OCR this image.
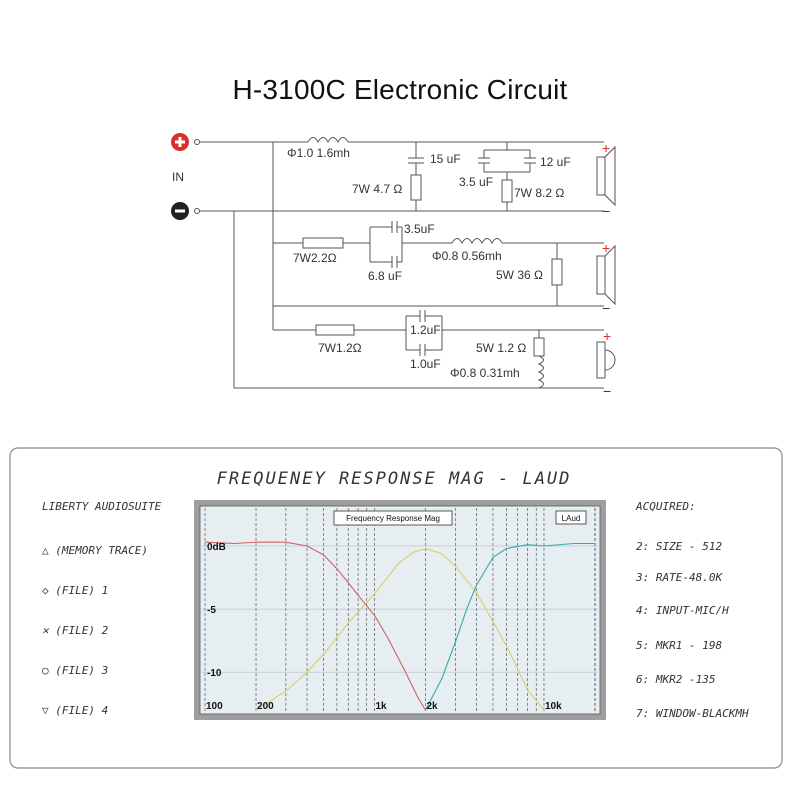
H-3100C Electronic Circuit
IN
+
−
+
−
+
−
Φ1.0 1.6mh	15 uF
7W 4.7 Ω
12 uF
3.5 uF
7W 8.2 Ω
7W2.2Ω
3.5uF
6.8 uF
Φ0.8 0.56mh
5W 36 Ω
7W1.2Ω
1.2uF
1.0uF
5W 1.2 Ω
Φ0.8 0.31mh
FREQUENEY RESPONSE MAG - LAUD
LIBERTY AUDIOSUITE
△ (MEMORY TRACE)
◇ (FILE) 1
✕ (FILE) 2
○ (FILE) 3
▽ (FILE) 4
ACQUIRED:
2: SIZE - 512
3: RATE-48.0K
4: INPUT-MIC/H
5: MKR1 - 198
6: MKR2 -135
7: WINDOW-BLACKMH
Frequency Response Mag	LAud
100	200	1k	2k	10k
0dB
-5
-10
